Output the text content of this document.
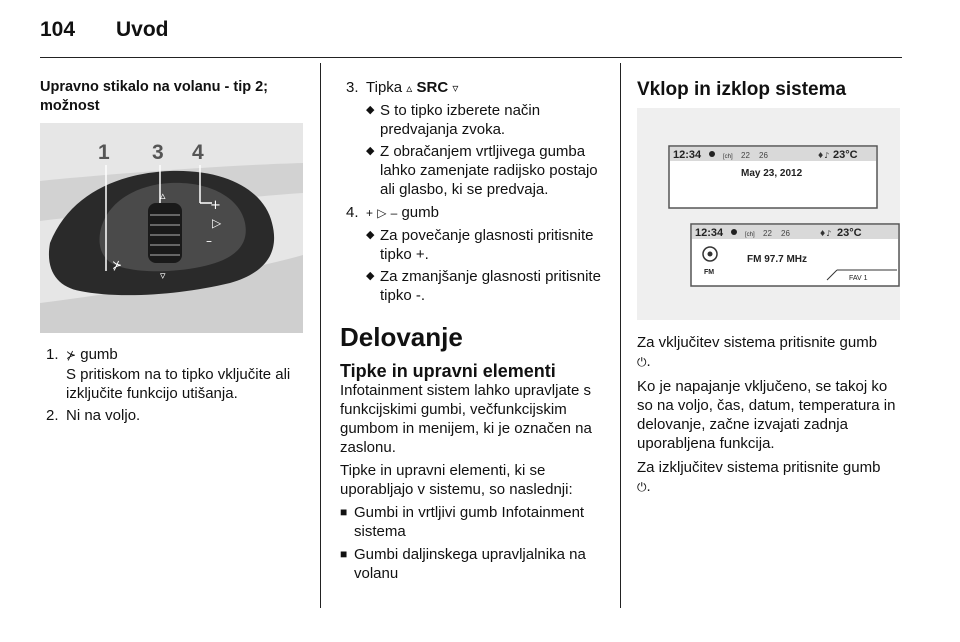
104 Uvod
Upravno stikalo na volanu - tip 2; možnost
+
▷
–
▵
▿
⊁
1 3 4
1. ⊁ gumb

S pritiskom na to tipko vključite ali izključite funkcijo utišanja.

2. Ni na voljo.

3. Tipka ▵ SRC ▿

◆ S to tipko izberete način predvajanja zvoka.

◆ Z obračanjem vrtljivega gumba lahko zamenjate radijsko postajo ali glasbo, ki se predvaja.

4. + ▷ – gumb

◆ Za povečanje glasnosti pritisnite tipko +.

◆ Za zmanjšanje glasnosti pritisnite tipko -.

Delovanje
Tipke in upravni elementi

Infotainment sistem lahko upravljate s funkcijskimi gumbi, večfunkcijskim gumbom in menijem, ki je označen na zaslonu.

Tipke in upravni elementi, ki se uporabljajo v sistemu, so naslednji:

■ Gumbi in vrtljivi gumb Infotainment sistema

■ Gumbi daljinskega upravljalnika na volanu

Vklop in izklop sistema
12:34	[ch] 22 26	♦♪ 23°C
May 23, 2012
12:34	[ch] 22 26	♦♪ 23°C
FM
FM 97.7 MHz
FAV 1

Za vključitev sistema pritisnite gumb
⏻.

Ko je napajanje vključeno, se takoj ko so na voljo, čas, datum, temperatura in delovanje, začne izvajati zadnja uporabljena funkcija.

Za izključitev sistema pritisnite gumb
⏻.
